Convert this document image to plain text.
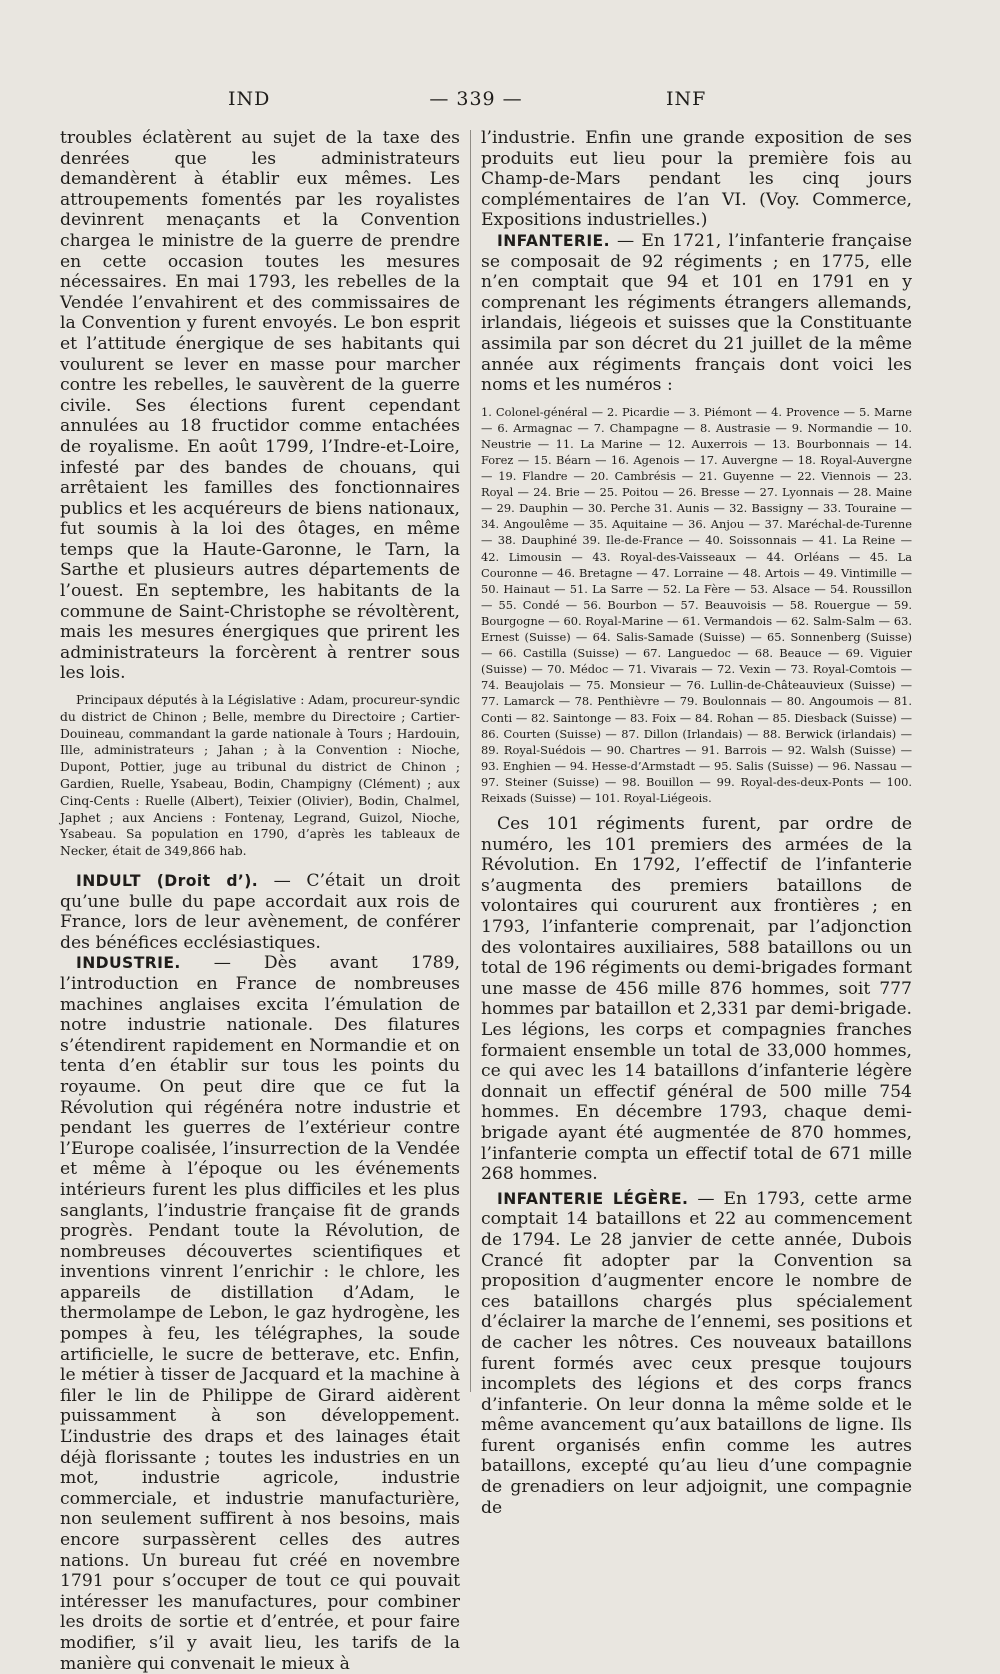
IND	— 339 —	INF

troubles éclatèrent au sujet de la taxe des denrées que les administrateurs demandèrent à établir eux mêmes. Les attroupements fomentés par les royalistes devinrent menaçants et la Convention chargea le ministre de la guerre de prendre en cette occasion toutes les mesures nécessaires. En mai 1793, les rebelles de la Vendée l’envahirent et des commissaires de la Convention y furent envoyés. Le bon esprit et l’attitude énergique de ses habitants qui voulurent se lever en masse pour marcher contre les rebelles, le sauvèrent de la guerre civile. Ses élections furent cependant annulées au 18 fructidor comme entachées de royalisme. En août 1799, l’Indre-et-Loire, infesté par des bandes de chouans, qui arrêtaient les familles des fonctionnaires publics et les acquéreurs de biens nationaux, fut soumis à la loi des ôtages, en même temps que la Haute-Garonne, le Tarn, la Sarthe et plusieurs autres départements de l’ouest. En septembre, les habitants de la commune de Saint-Christophe se révoltèrent, mais les mesures énergiques que prirent les administrateurs la forcèrent à rentrer sous les lois.

Principaux députés à la Législative : Adam, procureur-syndic du district de Chinon ; Belle, membre du Directoire ; Cartier-Douineau, commandant la garde nationale à Tours ; Hardouin, Ille, administrateurs ; Jahan ; à la Convention : Nioche, Dupont, Pottier, juge au tribunal du district de Chinon ; Gardien, Ruelle, Ysabeau, Bodin, Champigny (Clément) ; aux Cinq-Cents : Ruelle (Albert), Teixier (Olivier), Bodin, Chalmel, Japhet ; aux Anciens : Fontenay, Legrand, Guizol, Nioche, Ysabeau. Sa population en 1790, d’après les tableaux de Necker, était de 349,866 hab.

INDULT (Droit d’). — C’était un droit qu’une bulle du pape accordait aux rois de France, lors de leur avènement, de conférer des bénéfices ecclésiastiques.

INDUSTRIE. — Dès avant 1789, l’introduction en France de nombreuses machines anglaises excita l’émulation de notre industrie nationale. Des filatures s’étendirent rapidement en Normandie et on tenta d’en établir sur tous les points du royaume. On peut dire que ce fut la Révolution qui régénéra notre industrie et pendant les guerres de l’extérieur contre l’Europe coalisée, l’insurrection de la Vendée et même à l’époque ou les événements intérieurs furent les plus difficiles et les plus sanglants, l’industrie française fit de grands progrès. Pendant toute la Révolution, de nombreuses découvertes scientifiques et inventions vinrent l’enrichir : le chlore, les appareils de distillation d’Adam, le thermolampe de Lebon, le gaz hydrogène, les pompes à feu, les télégraphes, la soude artificielle, le sucre de betterave, etc. Enfin, le métier à tisser de Jacquard et la machine à filer le lin de Philippe de Girard aidèrent puissamment à son développement. L’industrie des draps et des lainages était déjà florissante ; toutes les industries en un mot, industrie agricole, industrie commerciale, et industrie manufacturière, non seulement suffirent à nos besoins, mais encore surpassèrent celles des autres nations. Un bureau fut créé en novembre 1791 pour s’occuper de tout ce qui pouvait intéresser les manufactures, pour combiner les droits de sortie et d’entrée, et pour faire modifier, s’il y avait lieu, les tarifs de la manière qui convenait le mieux à

l’industrie. Enfin une grande exposition de ses produits eut lieu pour la première fois au Champ-de-Mars pendant les cinq jours complémentaires de l’an VI. (Voy. Commerce, Expositions industrielles.)

INFANTERIE. — En 1721, l’infanterie française se composait de 92 régiments ; en 1775, elle n’en comptait que 94 et 101 en 1791 en y comprenant les régiments étrangers allemands, irlandais, liégeois et suisses que la Constituante assimila par son décret du 21 juillet de la même année aux régiments français dont voici les noms et les numéros :

1. Colonel-général — 2. Picardie — 3. Piémont — 4. Provence — 5. Marne — 6. Armagnac — 7. Champagne — 8. Austrasie — 9. Normandie — 10. Neustrie — 11. La Marine — 12. Auxerrois — 13. Bourbonnais — 14. Forez — 15. Béarn — 16. Agenois — 17. Auvergne — 18. Royal-Auvergne — 19. Flandre — 20. Cambrésis — 21. Guyenne — 22. Viennois — 23. Royal — 24. Brie — 25. Poitou — 26. Bresse — 27. Lyonnais — 28. Maine — 29. Dauphin — 30. Perche 31. Aunis — 32. Bassigny — 33. Touraine — 34. Angoulême — 35. Aquitaine — 36. Anjou — 37. Maréchal-de-Turenne — 38. Dauphiné 39. Ile-de-France — 40. Soissonnais — 41. La Reine — 42. Limousin — 43. Royal-des-Vaisseaux — 44. Orléans — 45. La Couronne — 46. Bretagne — 47. Lorraine — 48. Artois — 49. Vintimille — 50. Hainaut — 51. La Sarre — 52. La Fère — 53. Alsace — 54. Roussillon — 55. Condé — 56. Bourbon — 57. Beauvoisis — 58. Rouergue — 59. Bourgogne — 60. Royal-Marine — 61. Vermandois — 62. Salm-Salm — 63. Ernest (Suisse) — 64. Salis-Samade (Suisse) — 65. Sonnenberg (Suisse) — 66. Castilla (Suisse) — 67. Languedoc — 68. Beauce — 69. Viguier (Suisse) — 70. Médoc — 71. Vivarais — 72. Vexin — 73. Royal-Comtois — 74. Beaujolais — 75. Monsieur — 76. Lullin-de-Châteauvieux (Suisse) — 77. Lamarck — 78. Penthièvre — 79. Boulonnais — 80. Angoumois — 81. Conti — 82. Saintonge — 83. Foix — 84. Rohan — 85. Diesback (Suisse) — 86. Courten (Suisse) — 87. Dillon (Irlandais) — 88. Berwick (irlandais) — 89. Royal-Suédois — 90. Chartres — 91. Barrois — 92. Walsh (Suisse) — 93. Enghien — 94. Hesse-d’Armstadt — 95. Salis (Suisse) — 96. Nassau — 97. Steiner (Suisse) — 98. Bouillon — 99. Royal-des-deux-Ponts — 100. Reixads (Suisse) — 101. Royal-Liégeois.

Ces 101 régiments furent, par ordre de numéro, les 101 premiers des armées de la Révolution. En 1792, l’effectif de l’infanterie s’augmenta des premiers bataillons de volontaires qui coururent aux frontières ; en 1793, l’infanterie comprenait, par l’adjonction des volontaires auxiliaires, 588 bataillons ou un total de 196 régiments ou demi-brigades formant une masse de 456 mille 876 hommes, soit 777 hommes par bataillon et 2,331 par demi-brigade. Les légions, les corps et compagnies franches formaient ensemble un total de 33,000 hommes, ce qui avec les 14 bataillons d’infanterie légère donnait un effectif général de 500 mille 754 hommes. En décembre 1793, chaque demi-brigade ayant été augmentée de 870 hommes, l’infanterie compta un effectif total de 671 mille 268 hommes.

INFANTERIE LÉGÈRE. — En 1793, cette arme comptait 14 bataillons et 22 au commencement de 1794. Le 28 janvier de cette année, Dubois Crancé fit adopter par la Convention sa proposition d’augmenter encore le nombre de ces bataillons chargés plus spécialement d’éclairer la marche de l’ennemi, ses positions et de cacher les nôtres. Ces nouveaux bataillons furent formés avec ceux presque toujours incomplets des légions et des corps francs d’infanterie. On leur donna la même solde et le même avancement qu’aux bataillons de ligne. Ils furent organisés enfin comme les autres bataillons, excepté qu’au lieu d’une compagnie de grenadiers on leur adjoignit, une compagnie de
